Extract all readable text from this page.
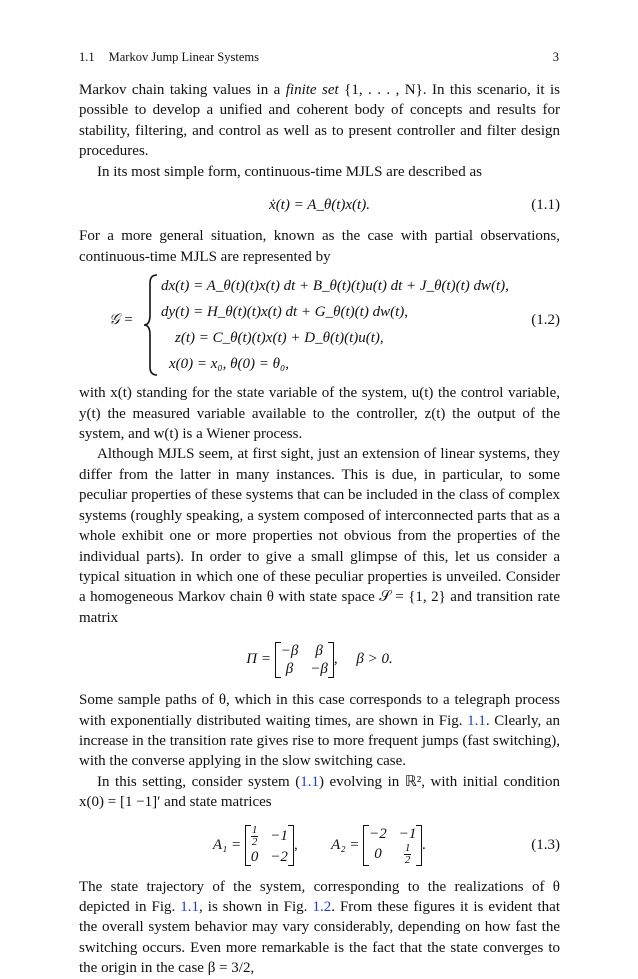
1.1 Markov Jump Linear Systems	3

Markov chain taking values in a finite set {1, . . . , N}. In this scenario, it is possible to develop a unified and coherent body of concepts and results for stability, filtering, and control as well as to present controller and filter design procedures.

In its most simple form, continuous-time MJLS are described as

ẋ(t) = A_θ(t)x(t).	(1.1)

For a more general situation, known as the case with partial observations, continuous-time MJLS are represented by

𝒢 =
dx(t) = A_θ(t)(t)x(t) dt + B_θ(t)(t)u(t) dt + J_θ(t)(t) dw(t),
dy(t) = H_θ(t)(t)x(t) dt + G_θ(t)(t) dw(t),
z(t) = C_θ(t)(t)x(t) + D_θ(t)(t)u(t),
x(0) = x₀, θ(0) = θ₀,
(1.2)

with x(t) standing for the state variable of the system, u(t) the control variable, y(t) the measured variable available to the controller, z(t) the output of the system, and w(t) is a Wiener process.

Although MJLS seem, at first sight, just an extension of linear systems, they differ from the latter in many instances. This is due, in particular, to some peculiar properties of these systems that can be included in the class of complex systems (roughly speaking, a system composed of interconnected parts that as a whole exhibit one or more properties not obvious from the properties of the individual parts). In order to give a small glimpse of this, let us consider a typical situation in which one of these peculiar properties is unveiled. Consider a homogeneous Markov chain θ with state space 𝒮 = {1, 2} and transition rate matrix

Π =
−β	β
β	−β
,     β > 0.

Some sample paths of θ, which in this case corresponds to a telegraph process with exponentially distributed waiting times, are shown in Fig. 1.1. Clearly, an increase in the transition rate gives rise to more frequent jumps (fast switching), with the converse applying in the slow switching case.

In this setting, consider system (1.1) evolving in ℝ², with initial condition x(0) = [1 −1]′ and state matrices

$A_1 = \frac{1}{2}$	−1
0	−2
,         A₂ =
−2	−1
0	$\frac{1}{2}$ .	(1.3)

The state trajectory of the system, corresponding to the realizations of θ depicted in Fig. 1.1, is shown in Fig. 1.2. From these figures it is evident that the overall system behavior may vary considerably, depending on how fast the switching occurs. Even more remarkable is the fact that the state converges to the origin in the case β = 3/2,
